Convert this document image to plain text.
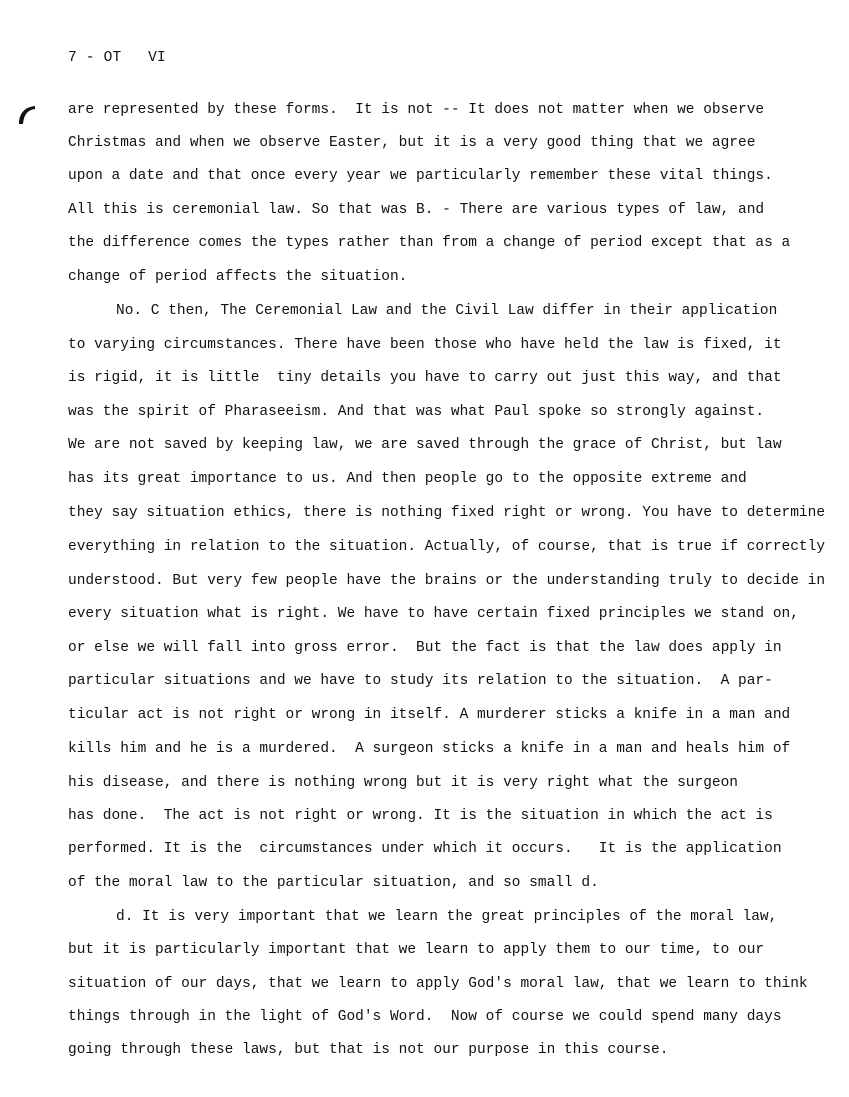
7 - OT   VI
are represented by these forms.  It is not -- It does not matter when we observe
Christmas and when we observe Easter, but it is a very good thing that we agree
upon a date and that once every year we particularly remember these vital things.
All this is ceremonial law. So that was B. - There are various types of law, and
the difference comes the types rather than from a change of period except that as a
change of period affects the situation.
No. C then, The Ceremonial Law and the Civil Law differ in their application
to varying circumstances. There have been those who have held the law is fixed, it
is rigid, it is little  tiny details you have to carry out just this way, and that
was the spirit of Pharaseeism. And that was what Paul spoke so strongly against.
We are not saved by keeping law, we are saved through the grace of Christ, but law
has its great importance to us. And then people go to the opposite extreme and
they say situation ethics, there is nothing fixed right or wrong. You have to determine
everything in relation to the situation. Actually, of course, that is true if correctly
understood. But very few people have the brains or the understanding truly to decide in
every situation what is right. We have to have certain fixed principles we stand on,
or else we will fall into gross error.  But the fact is that the law does apply in
particular situations and we have to study its relation to the situation.  A par-
ticular act is not right or wrong in itself. A murderer sticks a knife in a man and
kills him and he is a murdered.  A surgeon sticks a knife in a man and heals him of
his disease, and there is nothing wrong but it is very right what the surgeon
has done.  The act is not right or wrong. It is the situation in which the act is
performed. It is the  circumstances under which it occurs.   It is the application
of the moral law to the particular situation, and so small d.
d. It is very important that we learn the great principles of the moral law,
but it is particularly important that we learn to apply them to our time, to our
situation of our days, that we learn to apply God's moral law, that we learn to think
things through in the light of God's Word.  Now of course we could spend many days
going through these laws, but that is not our purpose in this course.
